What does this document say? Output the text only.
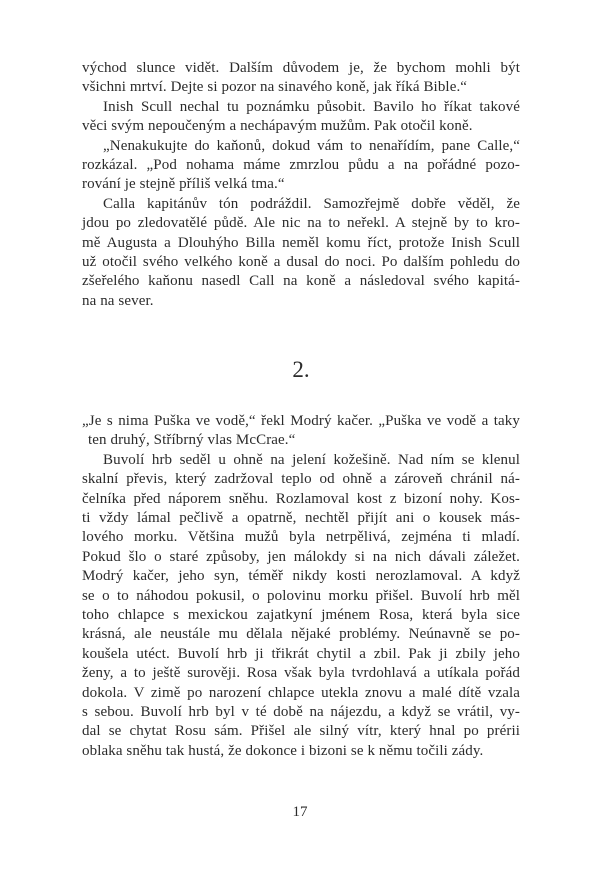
východ slunce vidět. Dalším důvodem je, že bychom mohli být
všichni mrtví. Dejte si pozor na sinavého koně, jak říká Bible.“
Inish Scull nechal tu poznámku působit. Bavilo ho říkat takové
věci svým nepoučeným a nechápavým mužům. Pak otočil koně.
„Nenakukujte do kaňonů, dokud vám to nenařídím, pane Calle,“
rozkázal. „Pod nohama máme zmrzlou půdu a na pořádné pozo-
rování je stejně příliš velká tma.“
Calla kapitánův tón podráždil. Samozřejmě dobře věděl, že
jdou po zledovatělé půdě. Ale nic na to neřekl. A stejně by to kro-
mě Augusta a Dlouhýho Billa neměl komu říct, protože Inish Scull
už otočil svého velkého koně a dusal do noci. Po dalším pohledu do
zšeřelého kaňonu nasedl Call na koně a následoval svého kapitá-
na na sever.
2.
„Je s nima Puška ve vodě,“ řekl Modrý kačer. „Puška ve vodě a taky
ten druhý, Stříbrný vlas McCrae.“
Buvolí hrb seděl u ohně na jelení kožešině. Nad ním se klenul
skalní převis, který zadržoval teplo od ohně a zároveň chránil ná-
čelníka před náporem sněhu. Rozlamoval kost z bizoní nohy. Kos-
ti vždy lámal pečlivě a opatrně, nechtěl přijít ani o kousek más-
lového morku. Většina mužů byla netrpělivá, zejména ti mladí.
Pokud šlo o staré způsoby, jen málokdy si na nich dávali záležet.
Modrý kačer, jeho syn, téměř nikdy kosti nerozlamoval. A když
se o to náhodou pokusil, o polovinu morku přišel. Buvolí hrb měl
toho chlapce s mexickou zajatkyní jménem Rosa, která byla sice
krásná, ale neustále mu dělala nějaké problémy. Neúnavně se po-
koušela utéct. Buvolí hrb ji třikrát chytil a zbil. Pak ji zbily jeho
ženy, a to ještě surověji. Rosa však byla tvrdohlavá a utíkala pořád
dokola. V zimě po narození chlapce utekla znovu a malé dítě vzala
s sebou. Buvolí hrb byl v té době na nájezdu, a když se vrátil, vy-
dal se chytat Rosu sám. Přišel ale silný vítr, který hnal po prérii
oblaka sněhu tak hustá, že dokonce i bizoni se k němu točili zády.
17
